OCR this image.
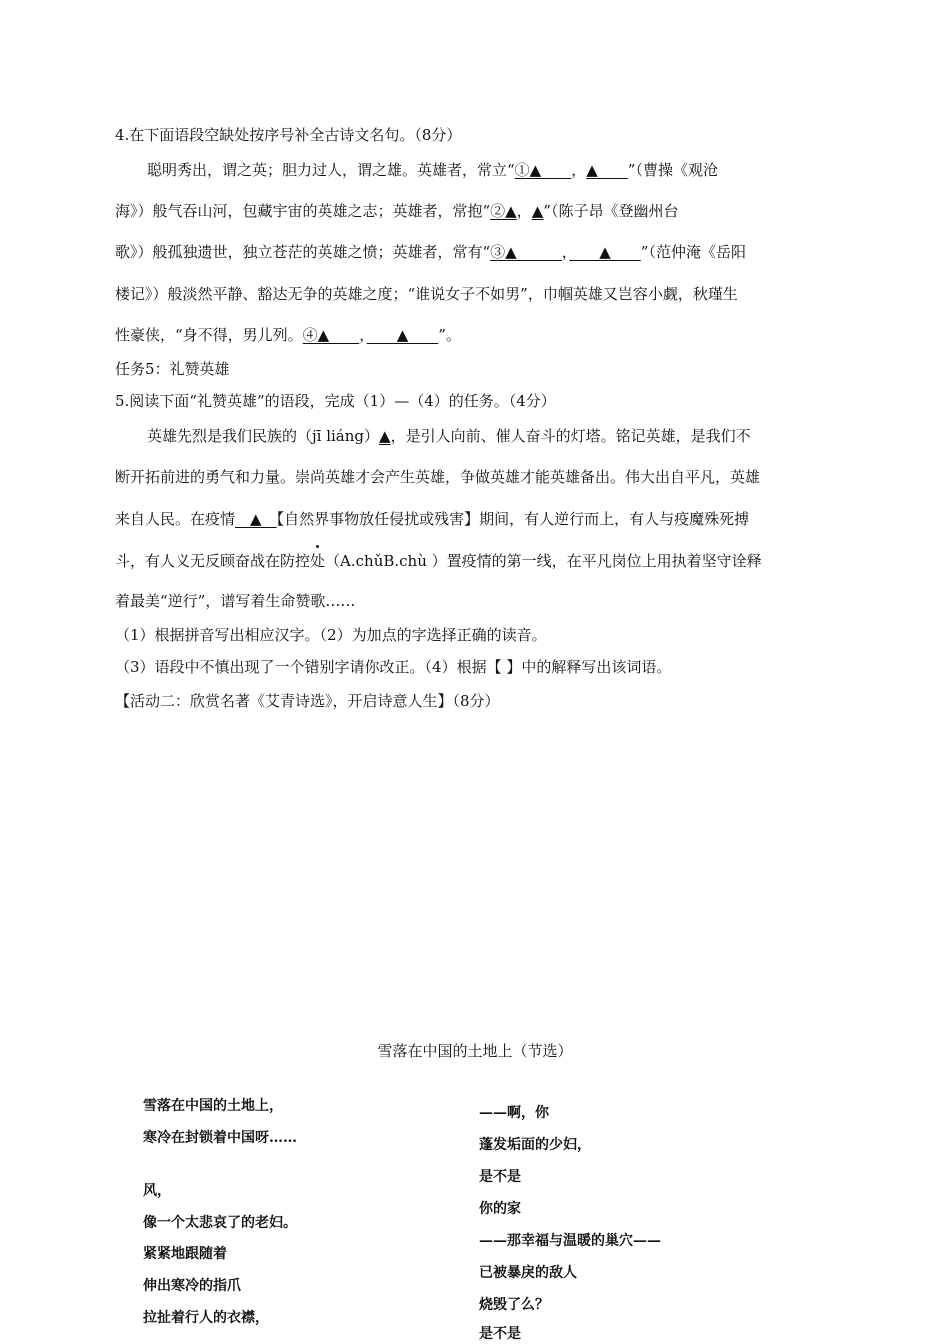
4.在下面语段空缺处按序号补全古诗文名句。（8分）
聪明秀出，谓之英；胆力过人，谓之雄。英雄者，常立“①▲　　，▲　　”（曹操《观沧
海》）般气吞山河，包藏宇宙的英雄之志；英雄者，常抱“②▲，▲”（陈子昂《登幽州台
歌》）般孤独遗世，独立苍茫的英雄之愤；英雄者，常有“③▲　　　，　　▲　　”（范仲淹《岳阳
楼记》）般淡然平静、豁达无争的英雄之度；“谁说女子不如男”，巾帼英雄又岂容小觑，秋瑾生
性豪侠，“身不得，男儿列。④▲　　，　　▲　　”。
任务5：礼赞英雄
5.阅读下面“礼赞英雄”的语段，完成（1）—（4）的任务。（4分）
英雄先烈是我们民族的（jī liáng）▲，是引人向前、催人奋斗的灯塔。铭记英雄，是我们不
断开拓前进的勇气和力量。崇尚英雄才会产生英雄，争做英雄才能英雄备出。伟大出自平凡，英雄
来自人民。在疫情　▲　【自然界事物放任侵扰或残害】期间，有人逆行而上，有人与疫魔殊死搏
斗，有人义无反顾奋战在防控处（A.chǔB.chù ）置疫情的第一线，在平凡岗位上用执着坚守诠释
着最美“逆行”，谱写着生命赞歌……
（1）根据拼音写出相应汉字。（2）为加点的字选择正确的读音。
（3）语段中不慎出现了一个错别字请你改正。（4）根据【 】中的解释写出该词语。
【活动二：欣赏名著《艾青诗选》，开启诗意人生】（8分）
雪落在中国的土地上（节选）
雪落在中国的土地上，
寒冷在封锁着中国呀……
风，
像一个太悲哀了的老妇。
紧紧地跟随着
伸出寒冷的指爪
拉扯着行人的衣襟，
——啊，你
蓬发垢面的少妇，
是不是
你的家
——那幸福与温暖的巢穴——
已被暴戾的敌人
烧毁了么？
是不是
